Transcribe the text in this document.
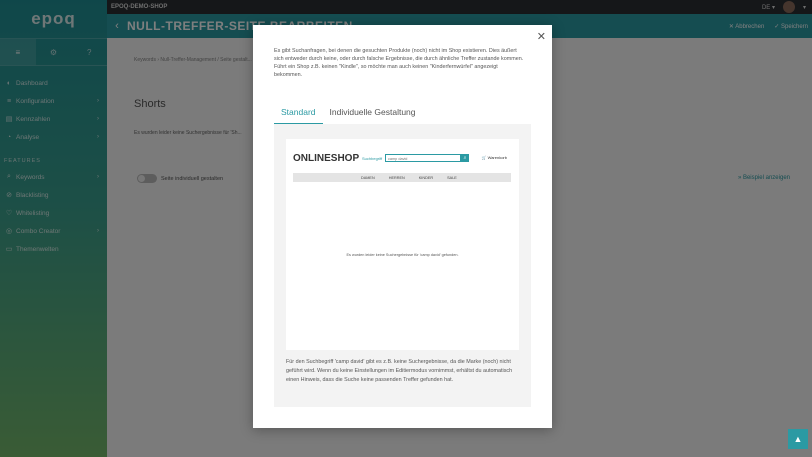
✕
Es gibt Suchanfragen, bei denen die gesuchten Produkte (noch) nicht im Shop existieren. Dies äußert sich entweder durch keine, oder durch falsche Ergebnisse, die durch ähnliche Treffer zustande kommen. Führt ein Shop z.B. keinen "Kindle", so möchte man auch keinen "Kinderfernwürfel" angezeigt bekommen.
Standard	Individuelle Gestaltung
ONLINESHOP Suchbegriff	camp david	⌕	🛒 Warenkorb
DAMEN	HERREN	KINDER	SALE
Es wurden leider keine Suchergebnisse für 'camp david' gefunden.
Für den Suchbegriff 'camp david' gibt es z.B. keine Suchergebnisse, da die Marke (noch) nicht geführt wird. Wenn du keine Einstellungen im Editiermodus vornimmst, erhältst du automatisch einen Hinweis, dass die Suche keine passenden Treffer gefunden hat.
▲
